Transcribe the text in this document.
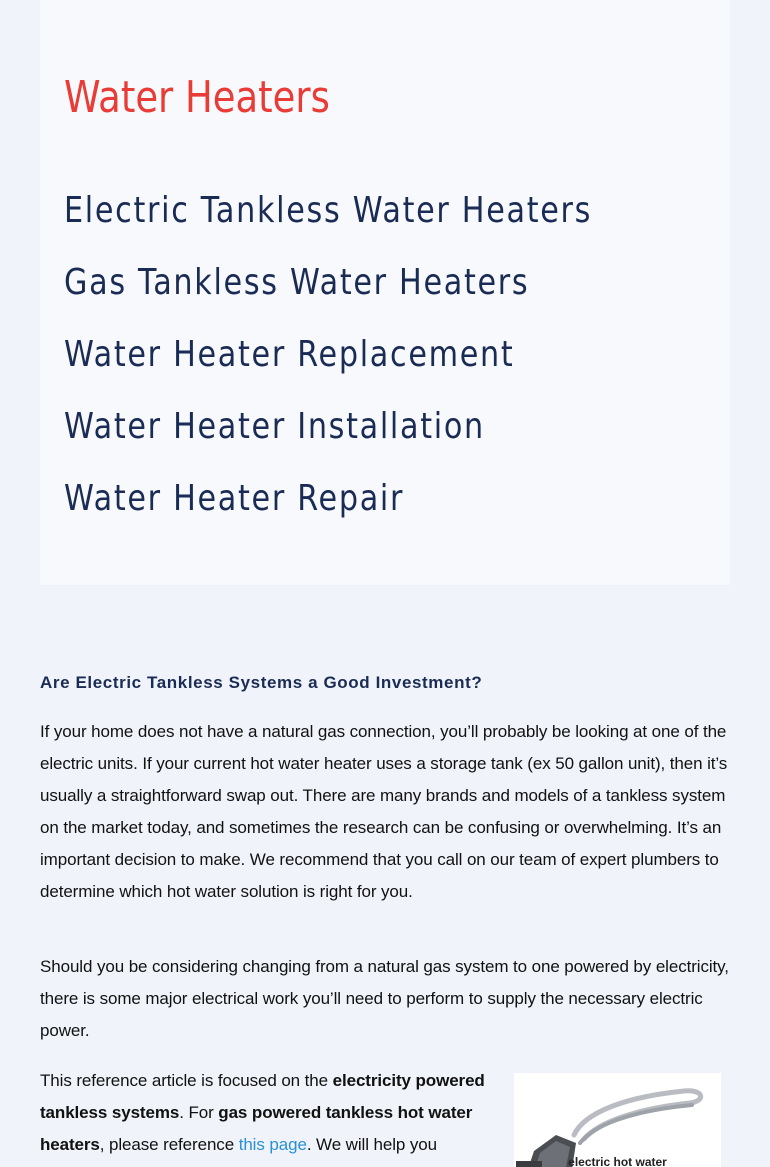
Water Heaters
Electric Tankless Water Heaters
Gas Tankless Water Heaters
Water Heater Replacement
Water Heater Installation
Water Heater Repair
Are Electric Tankless Systems a Good Investment?

If your home does not have a natural gas connection, you’ll probably be looking at one of the electric units. If your current hot water heater uses a storage tank (ex 50 gallon unit), then it’s usually a straightforward swap out. There are many brands and models of a tankless system on the market today, and sometimes the research can be confusing or overwhelming. It’s an important decision to make. We recommend that you call on our team of expert plumbers to determine which hot water solution is right for you.

Should you be considering changing from a natural gas system to one powered by electricity, there is some major electrical work you’ll need to perform to supply the necessary electric power.

This reference article is focused on the electricity powered tankless systems. For gas powered tankless hot water heaters, please reference this page. We will help you

electric hot water
